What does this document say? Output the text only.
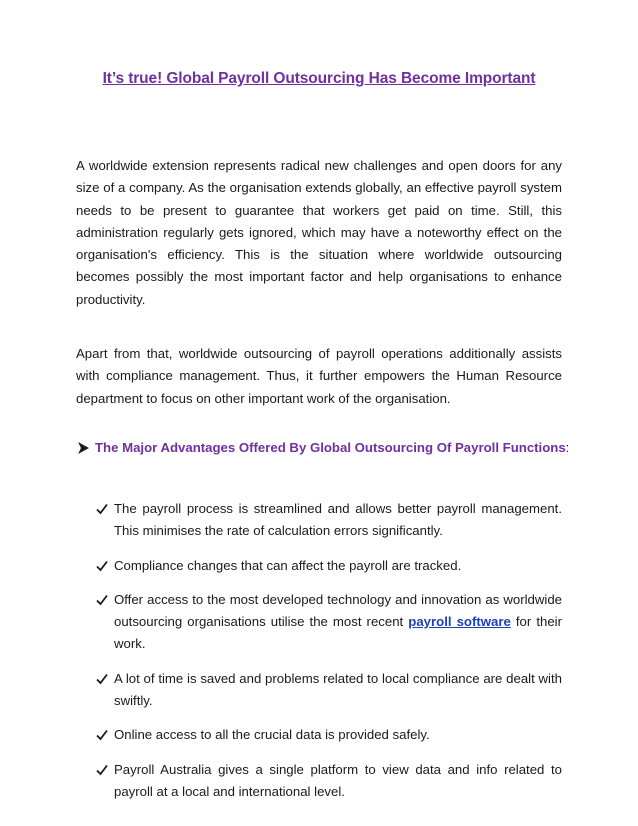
It’s true! Global Payroll Outsourcing Has Become Important

A worldwide extension represents radical new challenges and open doors for any size of a company. As the organisation extends globally, an effective payroll system needs to be present to guarantee that workers get paid on time. Still, this administration regularly gets ignored, which may have a noteworthy effect on the organisation's efficiency. This is the situation where worldwide outsourcing becomes possibly the most important factor and help organisations to enhance productivity.

Apart from that, worldwide outsourcing of payroll operations additionally assists with compliance management. Thus, it further empowers the Human Resource department to focus on other important work of the organisation.

The Major Advantages Offered By Global Outsourcing Of Payroll Functions :
The payroll process is streamlined and allows better payroll management. This minimises the rate of calculation errors significantly.
Compliance changes that can affect the payroll are tracked.
Offer access to the most developed technology and innovation as worldwide outsourcing organisations utilise the most recent payroll software for their work.
A lot of time is saved and problems related to local compliance are dealt with swiftly.
Online access to all the crucial data is provided safely.
Payroll Australia gives a single platform to view data and info related to payroll at a local and international level.
